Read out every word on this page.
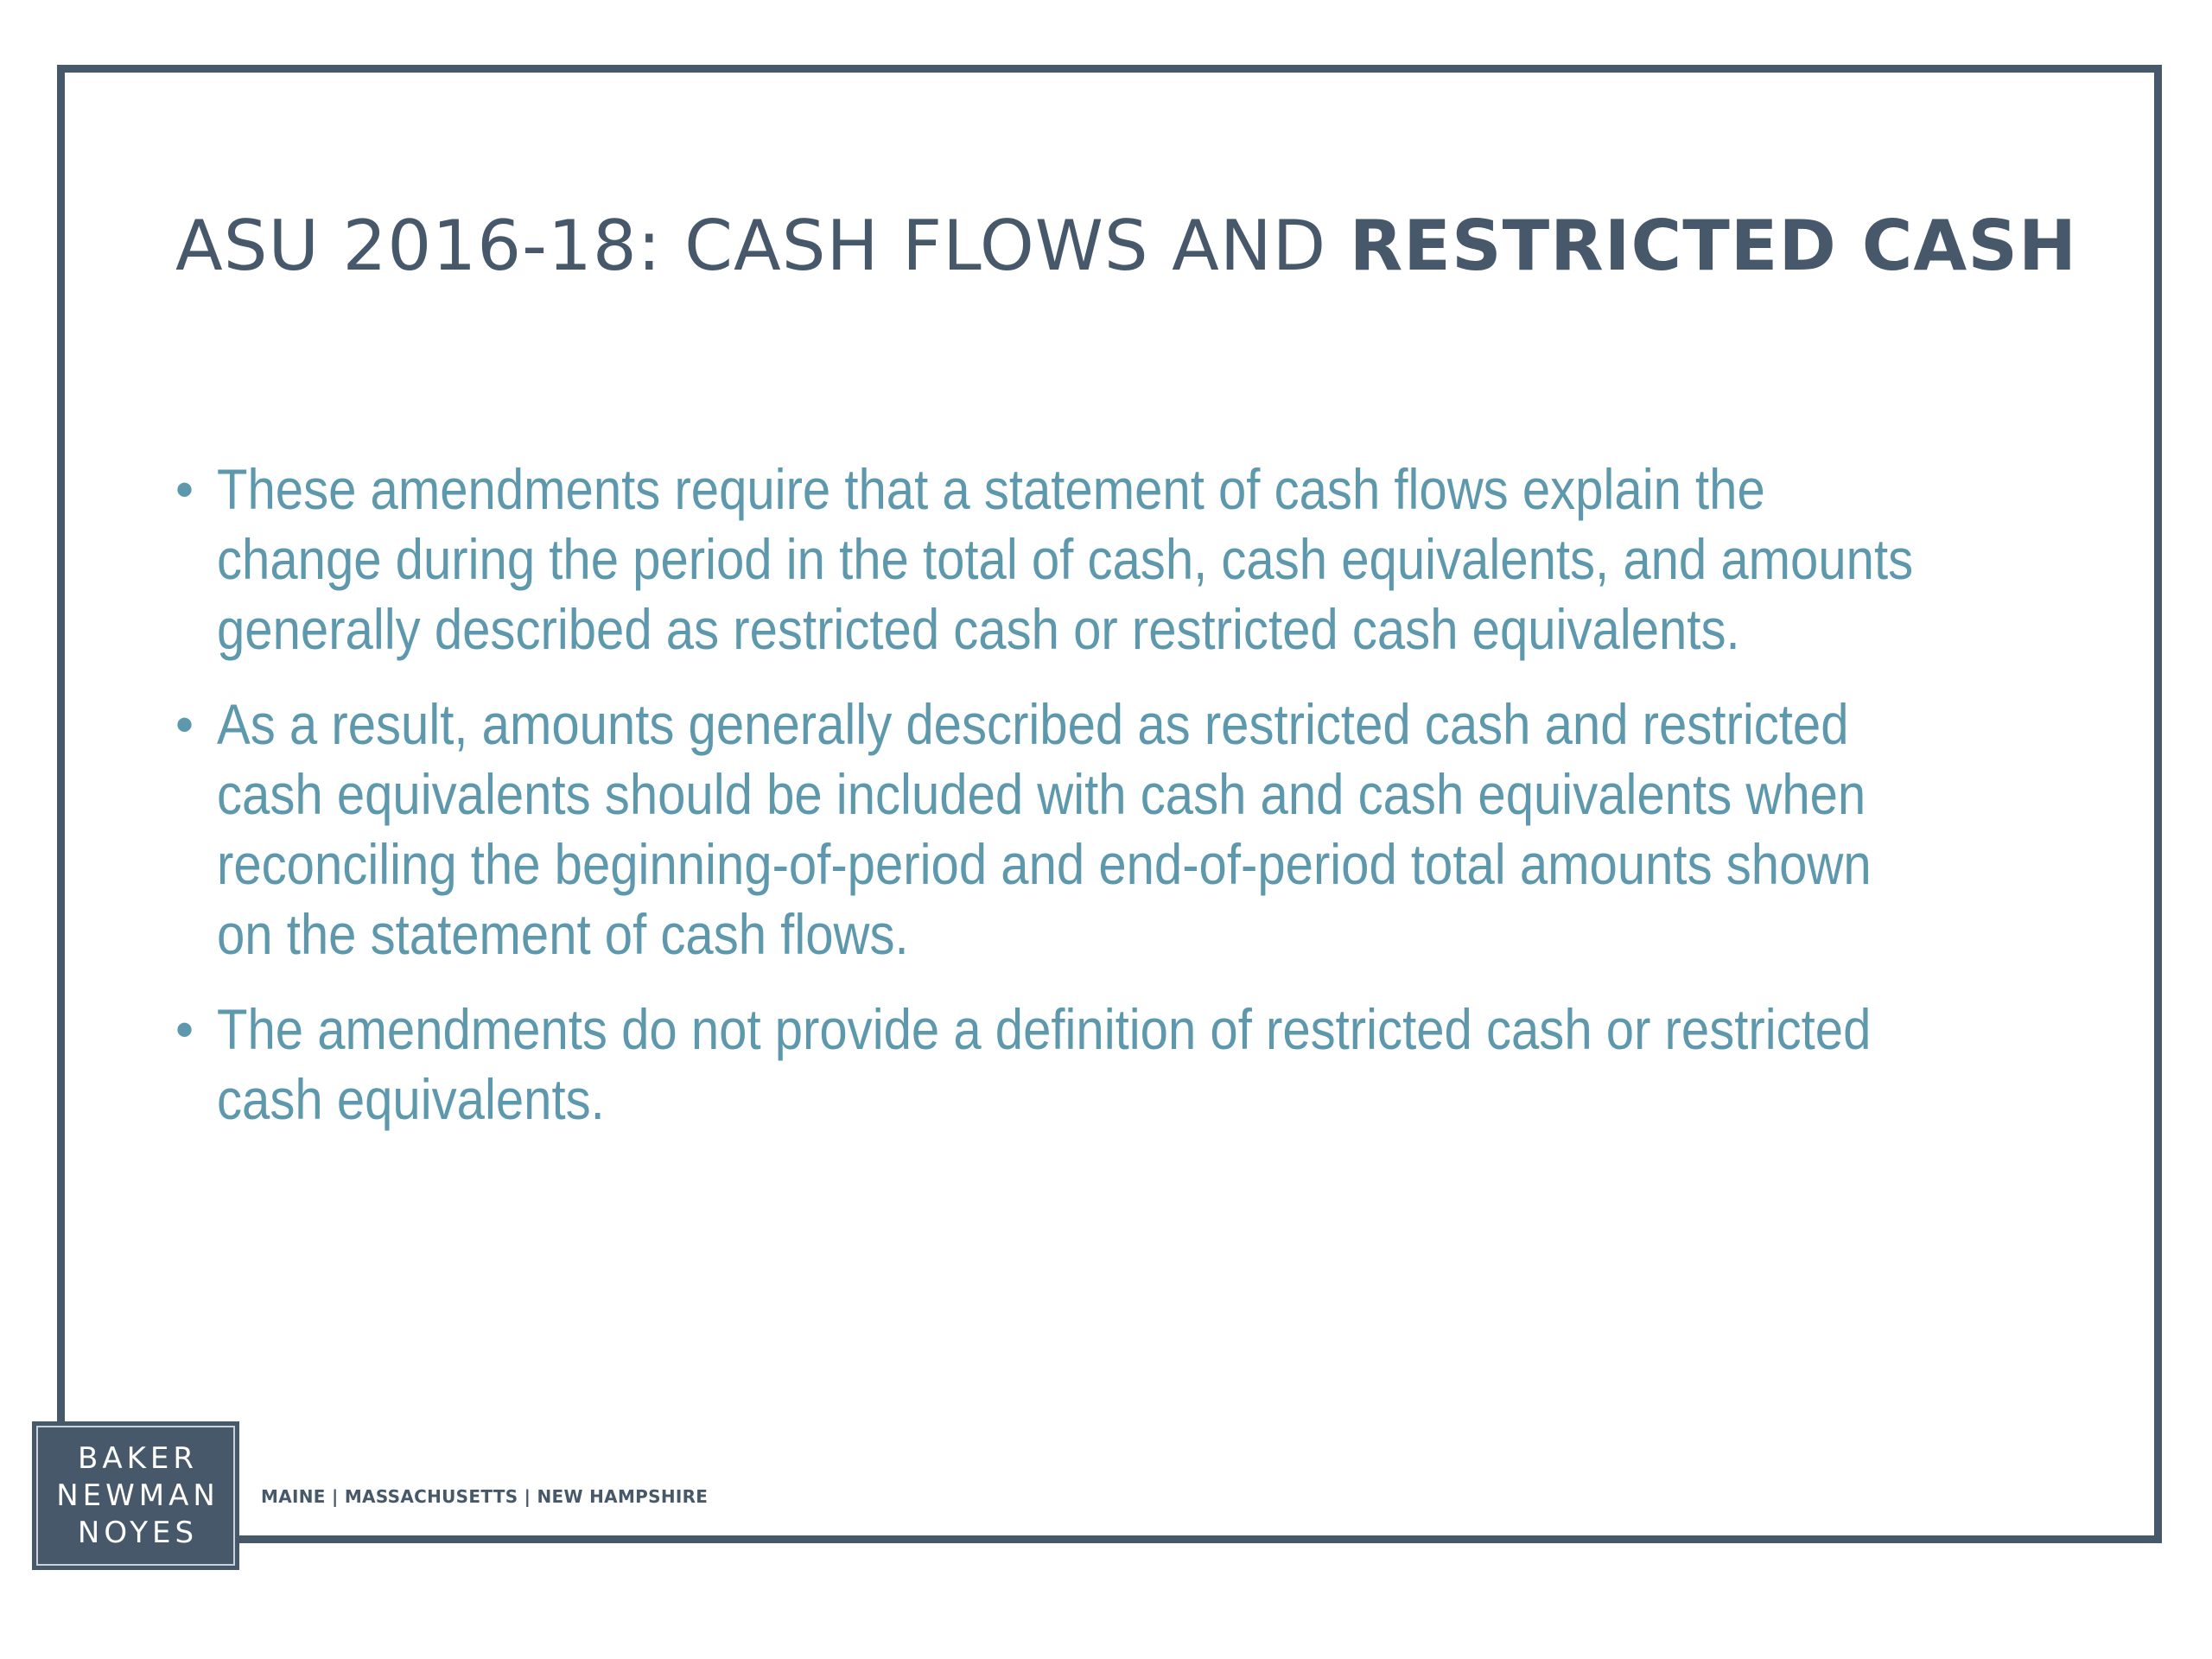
ASU 2016-18: CASH FLOWS AND RESTRICTED CASH
• These amendments require that a statement of cash flows explain the
change during the period in the total of cash, cash equivalents, and amounts
generally described as restricted cash or restricted cash equivalents.
• As a result, amounts generally described as restricted cash and restricted
cash equivalents should be included with cash and cash equivalents when
reconciling the beginning-of-period and end-of-period total amounts shown
on the statement of cash flows.
• The amendments do not provide a definition of restricted cash or restricted
cash equivalents.
BAKER
NEWMAN
NOYES
MAINE | MASSACHUSETTS | NEW HAMPSHIRE
